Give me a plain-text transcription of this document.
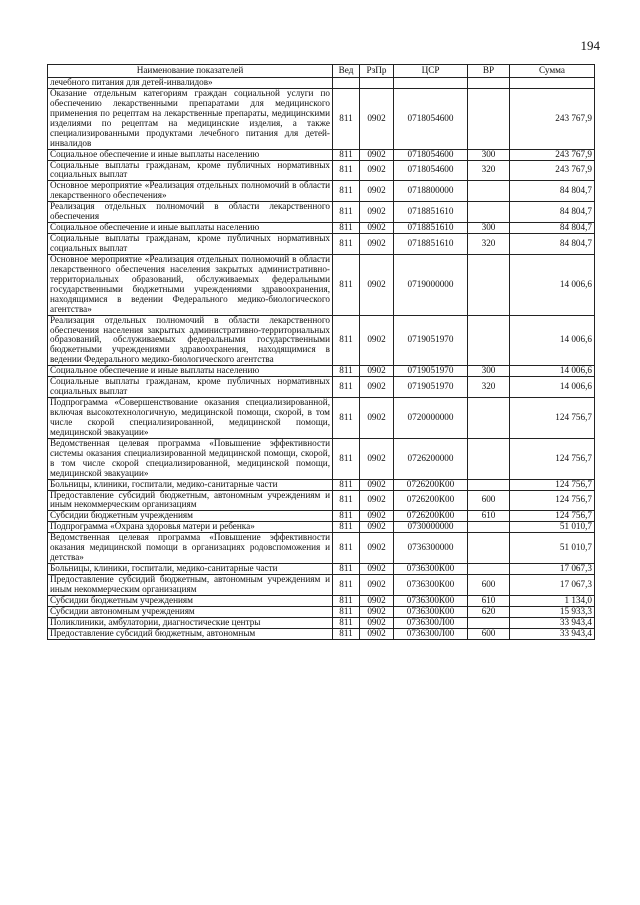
194
Наименование показателей	Вед	РзПр	ЦСР	ВР	Сумма
лечебного питания для детей-инвалидов»					
Оказание отдельным категориям граждан социальной услуги по обеспечению лекарственными препаратами для медицинского применения по рецептам на лекарственные препараты, медицинскими изделиями по рецептам на медицинские изделия, а также специализированными продуктами лечебного питания для детей-инвалидов	811	0902	0718054600		243 767,9
Социальное обеспечение и иные выплаты населению	811	0902	0718054600	300	243 767,9
Социальные выплаты гражданам, кроме публичных нормативных социальных выплат	811	0902	0718054600	320	243 767,9
Основное мероприятие «Реализация отдельных полномочий в области лекарственного обеспечения»	811	0902	0718800000		84 804,7
Реализация отдельных полномочий в области лекарственного обеспечения	811	0902	0718851610		84 804,7
Социальное обеспечение и иные выплаты населению	811	0902	0718851610	300	84 804,7
Социальные выплаты гражданам, кроме публичных нормативных социальных выплат	811	0902	0718851610	320	84 804,7
Основное мероприятие «Реализация отдельных полномочий в области лекарственного обеспечения населения закрытых административно-территориальных образований, обслуживаемых федеральными государственными бюджетными учреждениями здравоохранения, находящимися в ведении Федерального медико-биологического агентства»	811	0902	0719000000		14 006,6
Реализация отдельных полномочий в области лекарственного обеспечения населения закрытых административно-территориальных образований, обслуживаемых федеральными государственными бюджетными учреждениями здравоохранения, находящимися в ведении Федерального медико-биологического агентства	811	0902	0719051970		14 006,6
Социальное обеспечение и иные выплаты населению	811	0902	0719051970	300	14 006,6
Социальные выплаты гражданам, кроме публичных нормативных социальных выплат	811	0902	0719051970	320	14 006,6
Подпрограмма «Совершенствование оказания специализированной, включая высокотехнологичную, медицинской помощи, скорой, в том числе скорой специализированной, медицинской помощи, медицинской эвакуации»	811	0902	0720000000		124 756,7
Ведомственная целевая программа «Повышение эффективности системы оказания специализированной медицинской помощи, скорой, в том числе скорой специализированной, медицинской помощи, медицинской эвакуации»	811	0902	0726200000		124 756,7
Больницы, клиники, госпитали, медико-санитарные части	811	0902	0726200К00		124 756,7
Предоставление субсидий бюджетным, автономным учреждениям и иным некоммерческим организациям	811	0902	0726200К00	600	124 756,7
Субсидии бюджетным учреждениям	811	0902	0726200К00	610	124 756,7
Подпрограмма «Охрана здоровья матери и ребенка»	811	0902	0730000000		51 010,7
Ведомственная целевая программа «Повышение эффективности оказания медицинской помощи в организациях родовспоможения и детства»	811	0902	0736300000		51 010,7
Больницы, клиники, госпитали, медико-санитарные части	811	0902	0736300К00		17 067,3
Предоставление субсидий бюджетным, автономным учреждениям и иным некоммерческим организациям	811	0902	0736300К00	600	17 067,3
Субсидии бюджетным учреждениям	811	0902	0736300К00	610	1 134,0
Субсидии автономным учреждениям	811	0902	0736300К00	620	15 933,3
Поликлиники, амбулатории, диагностические центры	811	0902	0736300Л00		33 943,4
Предоставление субсидий бюджетным, автономным	811	0902	0736300Л00	600	33 943,4
